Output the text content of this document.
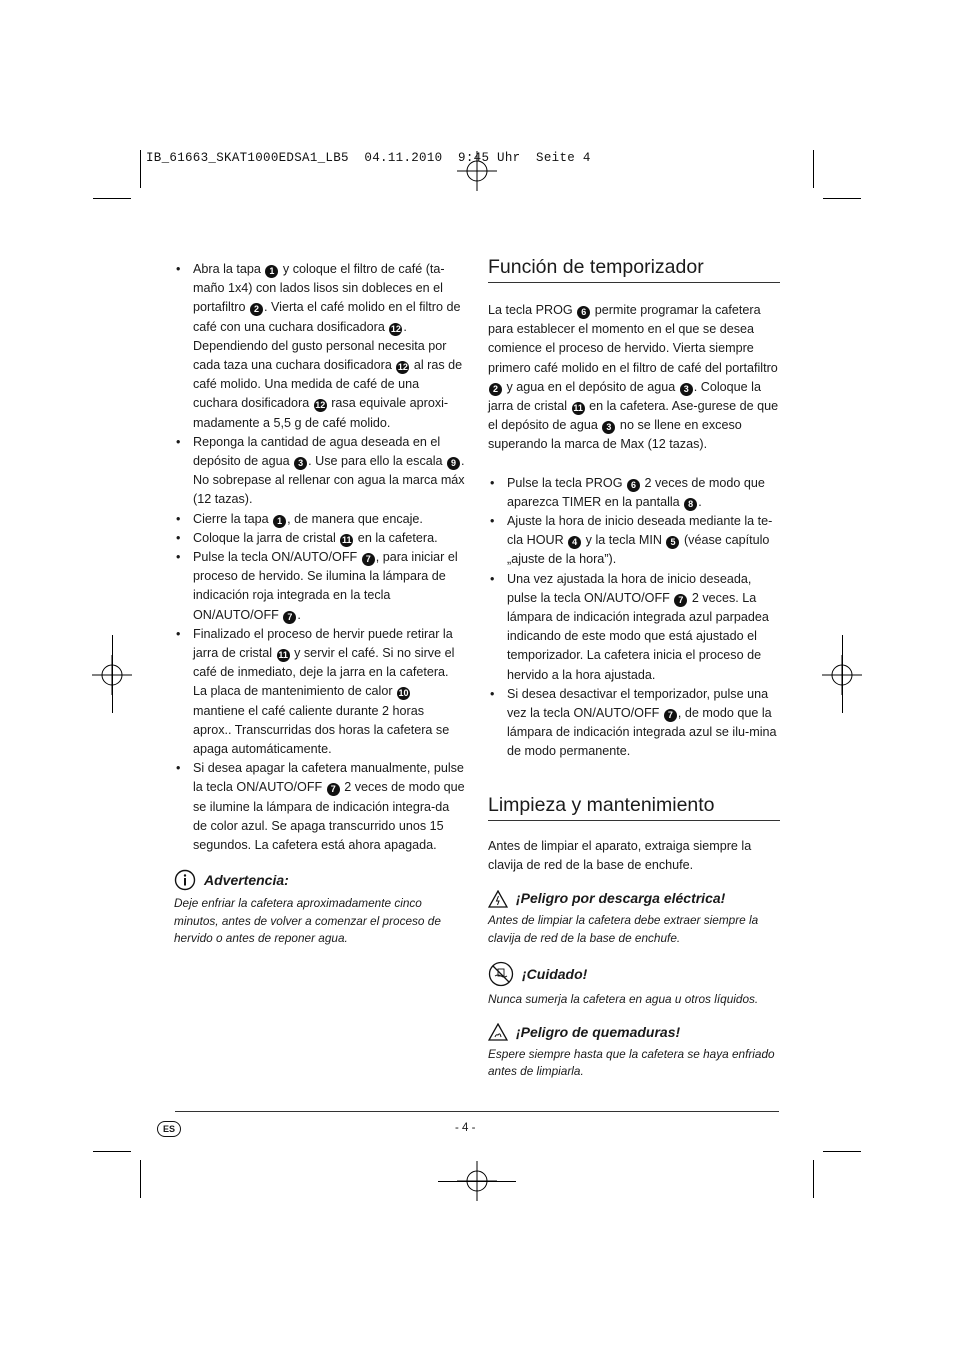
IB_61663_SKAT1000EDSA1_LB5  04.11.2010  9:45 Uhr  Seite 4
• Abra la tapa 1 y coloque el filtro de café (ta-maño 1x4) con lados lisos sin dobleces en el portafiltro 2 . Vierta el café molido en el filtro de café con una cuchara dosificadora 12 . Dependiendo del gusto personal necesita por cada taza una cuchara dosificadora 12 al ras de café molido. Una medida de café de una cuchara dosificadora 12 rasa equivale aproxi-madamente a 5,5 g de café molido.
• Reponga la cantidad de agua deseada en el depósito de agua 3 . Use para ello la escala 9 . No sobrepase al rellenar con agua la marca máx (12 tazas).
• Cierre la tapa 1 , de manera que encaje.
• Coloque la jarra de cristal 11 en la cafetera.
• Pulse la tecla ON/AUTO/OFF 7 , para iniciar el proceso de hervido. Se ilumina la lámpara de indicación roja integrada en la tecla ON/AUTO/OFF 7 .
• Finalizado el proceso de hervir puede retirar la jarra de cristal 11 y servir el café. Si no sirve el café de inmediato, deje la jarra en la cafetera. La placa de mantenimiento de calor 10 mantiene el café caliente durante 2 horas aprox.. Transcurridas dos horas la cafetera se apaga automáticamente.
• Si desea apagar la cafetera manualmente, pulse la tecla ON/AUTO/OFF 7 2 veces de modo que se ilumine la lámpara de indicación integra-da de color azul. Se apaga transcurrido unos 15 segundos. La cafetera está ahora apagada.
Advertencia:
Deje enfriar la cafetera aproximadamente cinco minutos, antes de volver a comenzar el proceso de hervido o antes de reponer agua.
Función de temporizador
La tecla PROG 6 permite programar la cafetera para establecer el momento en el que se desea comience el proceso de hervido. Vierta siempre primero café molido en el filtro de café del portafiltro 2 y agua en el depósito de agua 3 . Coloque la jarra de cristal 11 en la cafetera. Ase-gurese de que el depósito de agua 3 no se llene en exceso superando la marca de Max (12 tazas).
• Pulse la tecla PROG 6 2 veces de modo que aparezca TIMER en la pantalla 8 .
• Ajuste la hora de inicio deseada mediante la te-cla HOUR 4 y la tecla MIN 5 (véase capítulo „ajuste de la hora”).
• Una vez ajustada la hora de inicio deseada, pulse la tecla ON/AUTO/OFF 7 2 veces. La lámpara de indicación integrada azul parpadea indicando de este modo que está ajustado el temporizador. La cafetera inicia el proceso de hervido a la hora ajustada.
• Si desea desactivar el temporizador, pulse una vez la tecla ON/AUTO/OFF 7 , de modo que la lámpara de indicación integrada azul se ilu-mina de modo permanente.
Limpieza y mantenimiento
Antes de limpiar el aparato, extraiga siempre la clavija de red de la base de enchufe.
¡Peligro por descarga eléctrica!
Antes de limpiar la cafetera debe extraer siempre la clavija de red de la base de enchufe.
¡Cuidado!
Nunca sumerja la cafetera en agua u otros líquidos.
¡Peligro de quemaduras!
Espere siempre hasta que la cafetera se haya enfriado antes de limpiarla.
ES	- 4 -
